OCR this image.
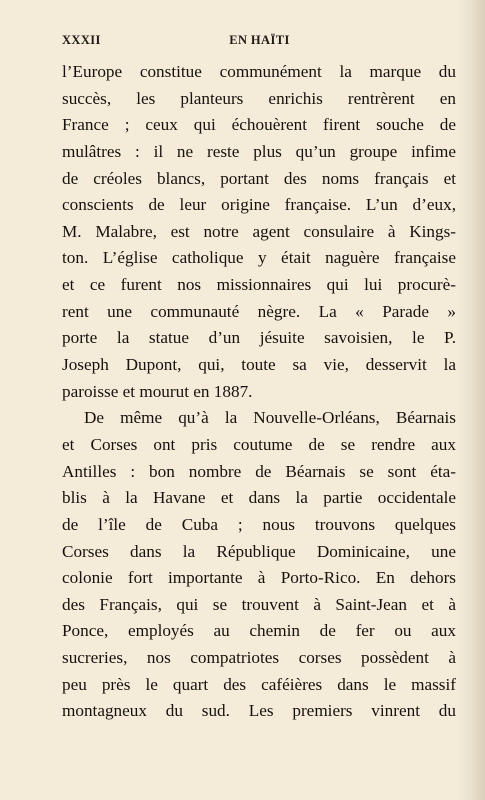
XXXII	EN HAÏTI
l’Europe constitue communément la marque du
succès, les planteurs enrichis rentrèrent en
France ; ceux qui échouèrent firent souche de
mulâtres : il ne reste plus qu’un groupe infime
de créoles blancs, portant des noms français et
conscients de leur origine française. L’un d’eux,
M. Malabre, est notre agent consulaire à Kings-
ton. L’église catholique y était naguère française
et ce furent nos missionnaires qui lui procurè-
rent une communauté nègre. La « Parade »
porte la statue d’un jésuite savoisien, le P.
Joseph Dupont, qui, toute sa vie, desservit la
paroisse et mourut en 1887.
De même qu’à la Nouvelle-Orléans, Béarnais
et Corses ont pris coutume de se rendre aux
Antilles : bon nombre de Béarnais se sont éta-
blis à la Havane et dans la partie occidentale
de l’île de Cuba ; nous trouvons quelques
Corses dans la République Dominicaine, une
colonie fort importante à Porto-Rico. En dehors
des Français, qui se trouvent à Saint-Jean et à
Ponce, employés au chemin de fer ou aux
sucreries, nos compatriotes corses possèdent à
peu près le quart des caféières dans le massif
montagneux du sud. Les premiers vinrent du
